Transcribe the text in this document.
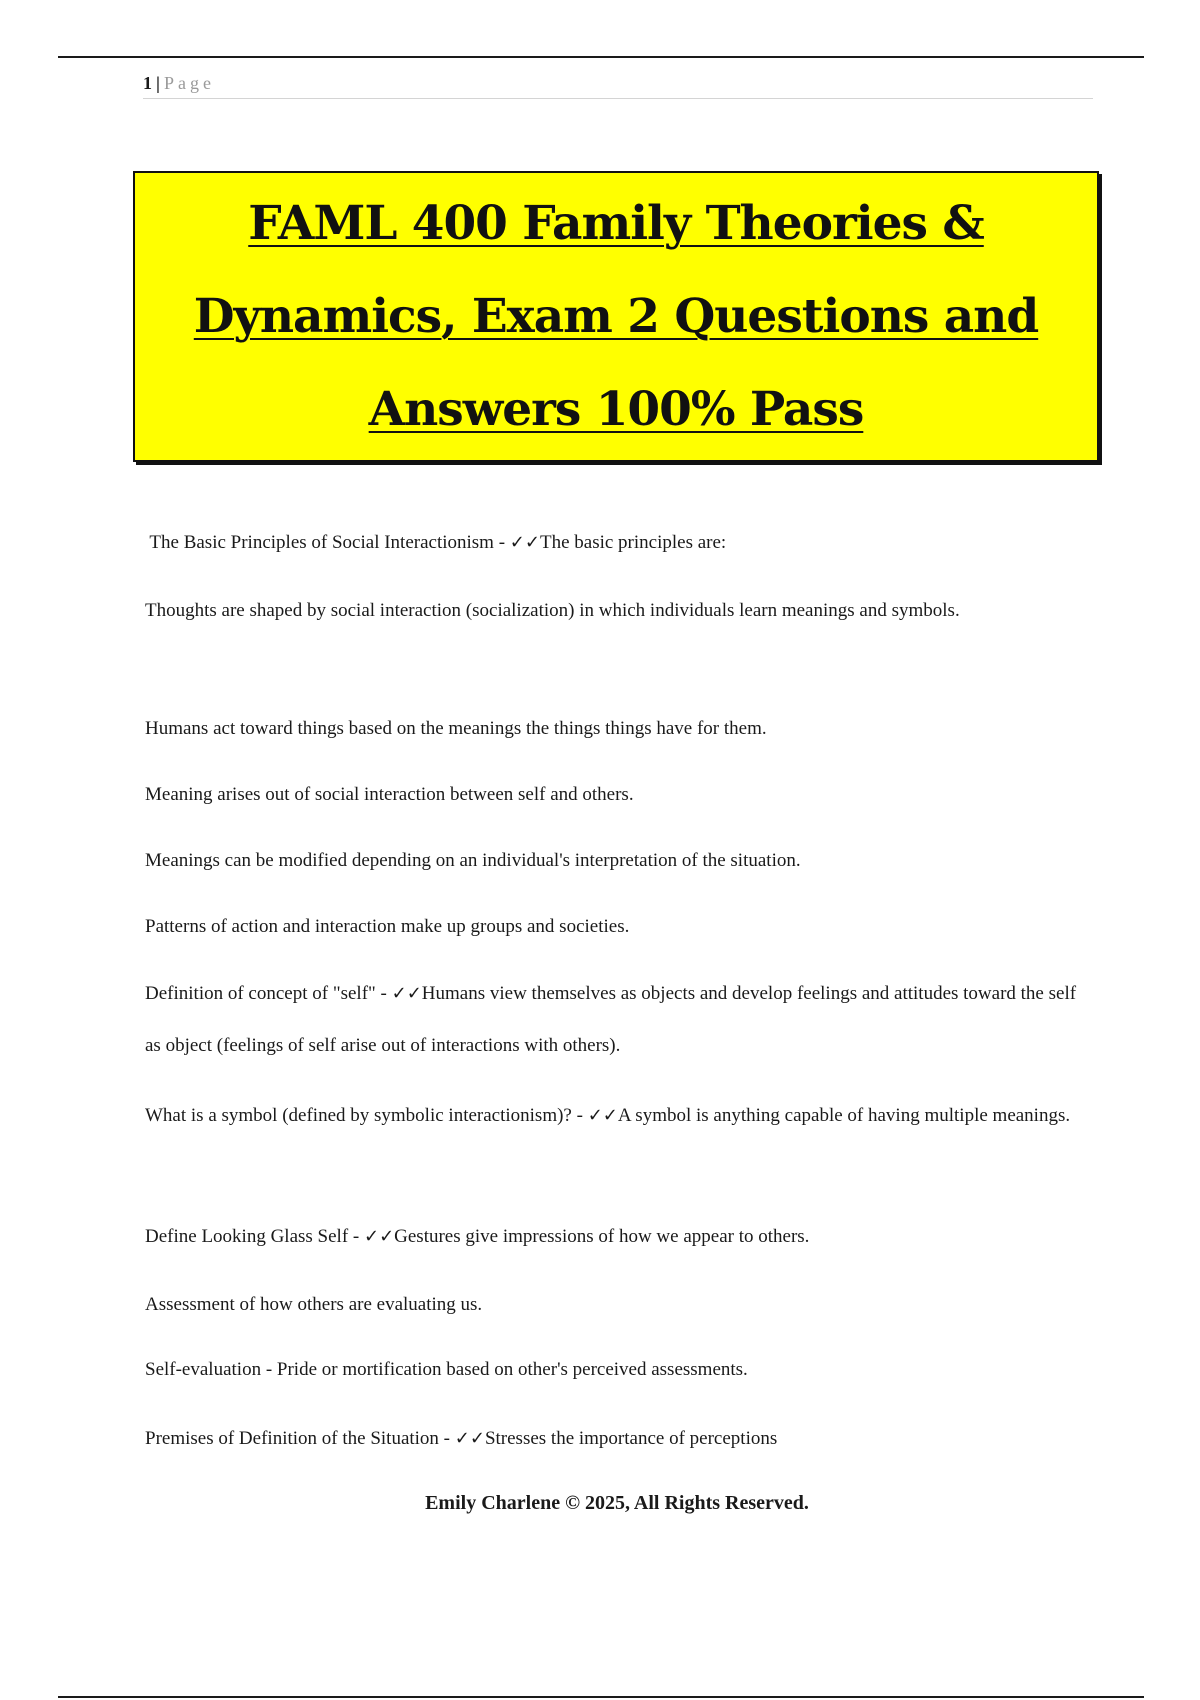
1 | Page
FAML 400 Family Theories &
Dynamics, Exam 2 Questions and
Answers 100% Pass

The Basic Principles of Social Interactionism - ✓✓The basic principles are:

Thoughts are shaped by social interaction (socialization) in which individuals learn meanings and symbols.

Humans act toward things based on the meanings the things things have for them.

Meaning arises out of social interaction between self and others.

Meanings can be modified depending on an individual's interpretation of the situation.

Patterns of action and interaction make up groups and societies.

Definition of concept of "self" - ✓✓Humans view themselves as objects and develop feelings and attitudes toward the self as object (feelings of self arise out of interactions with others).

What is a symbol (defined by symbolic interactionism)? - ✓✓A symbol is anything capable of having multiple meanings.

Define Looking Glass Self - ✓✓Gestures give impressions of how we appear to others.

Assessment of how others are evaluating us.

Self-evaluation - Pride or mortification based on other's perceived assessments.

Premises of Definition of the Situation - ✓✓Stresses the importance of perceptions

Emily Charlene © 2025, All Rights Reserved.
